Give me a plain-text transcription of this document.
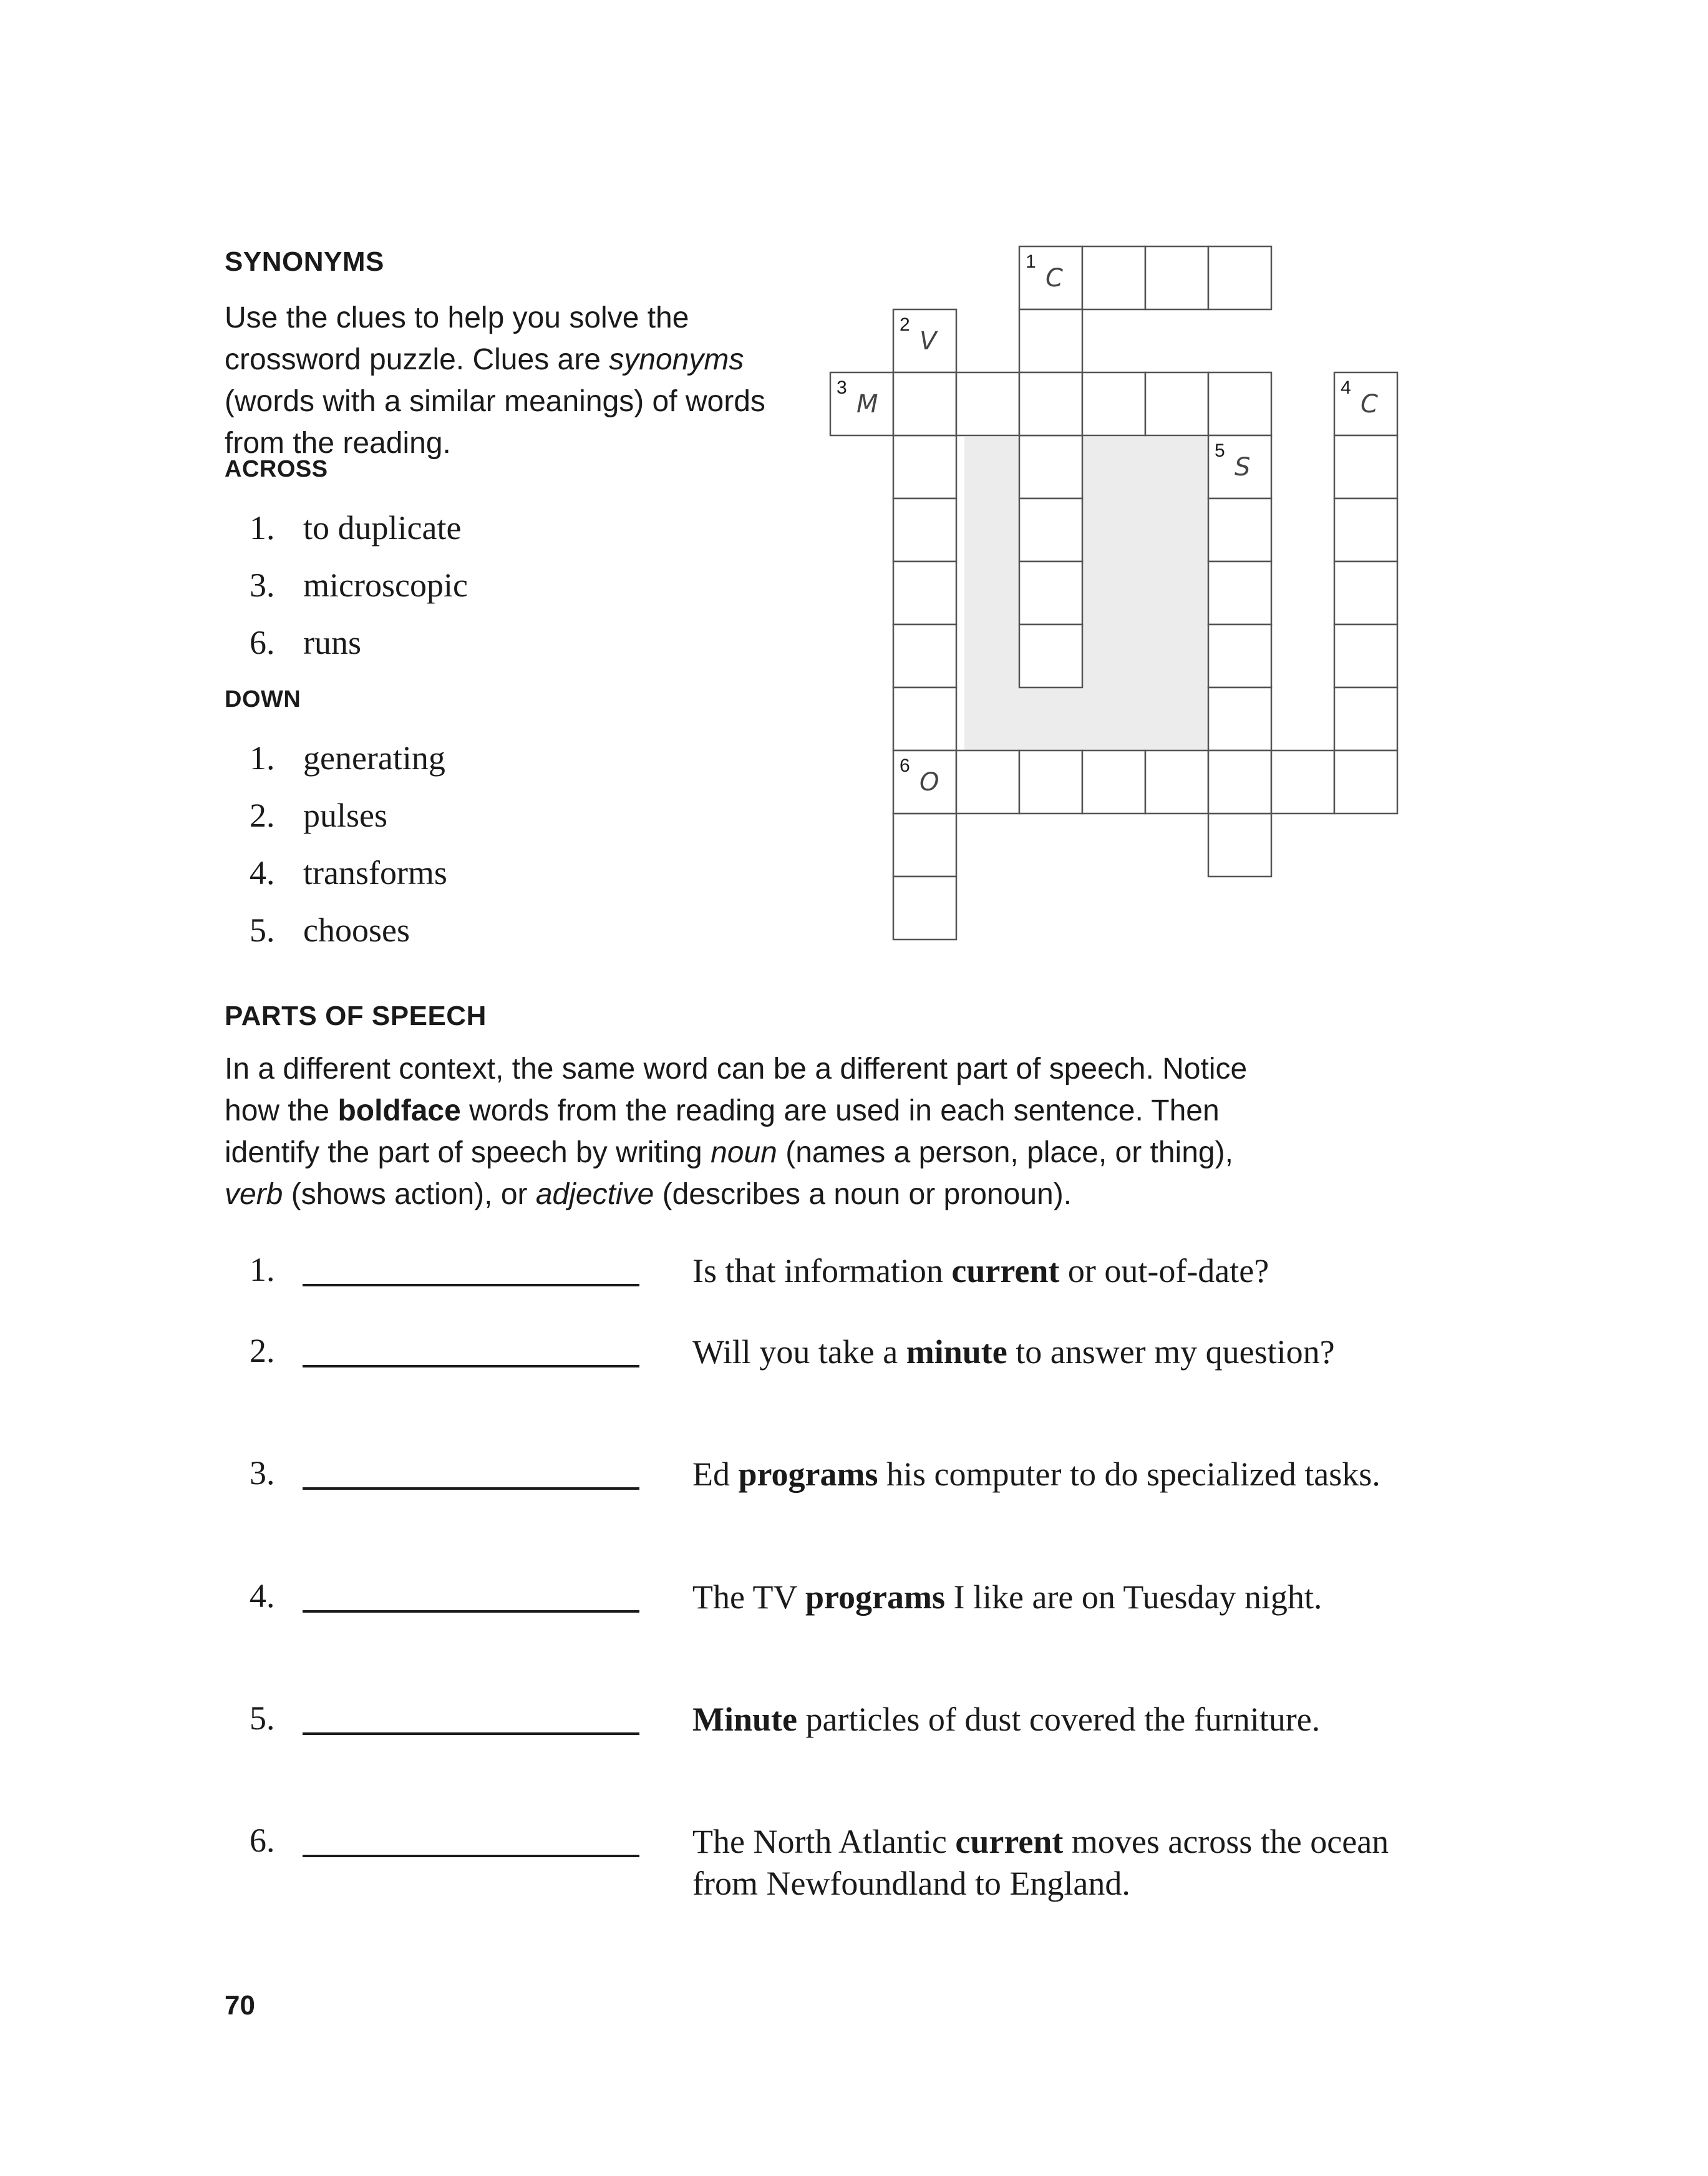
SYNONYMS
Use the clues to help you solve the crossword puzzle. Clues are synonyms (words with a similar meanings) of words from the reading.
ACROSS
1. to duplicate
3. microscopic
6. runs
DOWN
1. generating
2. pulses
4. transforms
5. chooses
1
2
3	4
5
6
C
V
M	C
S
O
PARTS OF SPEECH
In a different context, the same word can be a different part of speech. Notice how the boldface words from the reading are used in each sentence. Then identify the part of speech by writing noun (names a person, place, or thing), verb (shows action), or adjective (describes a noun or pronoun).
1.	Is that information current or out-of-date?
2.	Will you take a minute to answer my question?
3.	Ed programs his computer to do specialized tasks.
4.	The TV programs I like are on Tuesday night.
5.	Minute particles of dust covered the furniture.
6.	The North Atlantic current moves across the ocean from Newfoundland to England.
70
